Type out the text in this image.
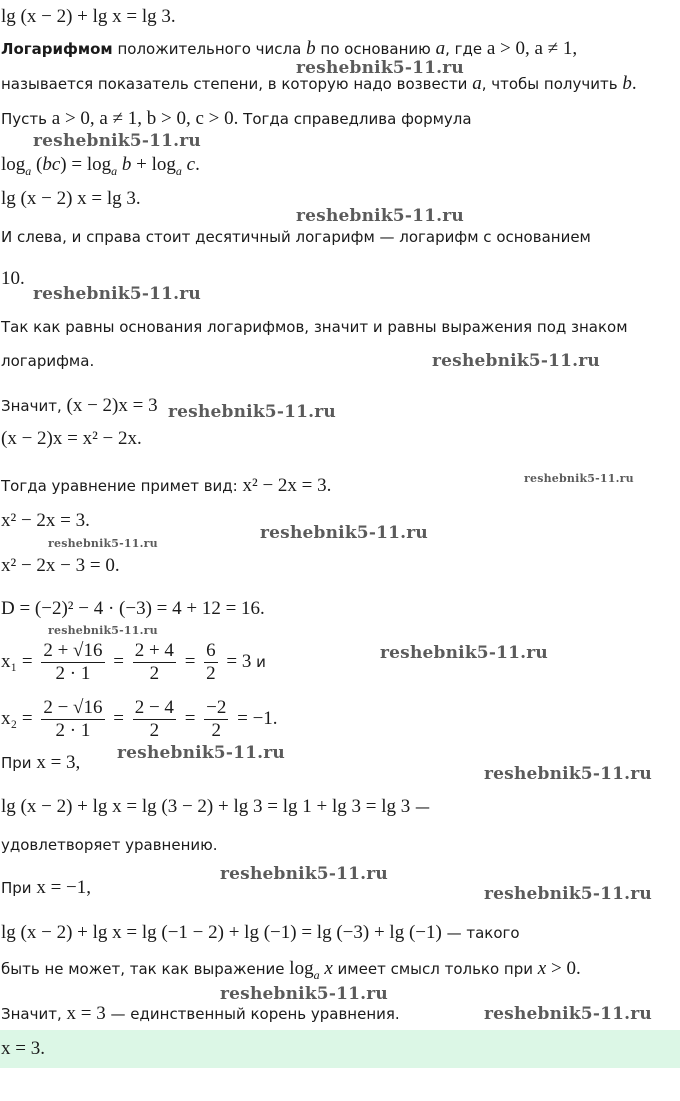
lg (x − 2) + lg x = lg 3.
Логарифмом положительного числа b по основанию a, где a > 0, a ≠ 1,
называется показатель степени, в которую надо возвести a, чтобы получить b.
Пусть a > 0, a ≠ 1, b > 0, c > 0. Тогда справедлива формула
$\log_a (bc) = \log_a b + \log_a c$.
lg (x − 2) x = lg 3.
И слева, и справа стоит десятичный логарифм — логарифм с основанием
10.
Так как равны основания логарифмов, значит и равны выражения под знаком
логарифма.
Значит, (x − 2)x = 3
(x − 2)x = x² − 2x.
Тогда уравнение примет вид: x² − 2x = 3.
x² − 2x = 3.
x² − 2x − 3 = 0.
D = (−2)² − 4 · (−3) = 4 + 12 = 16.
$x_1 = \frac{2 + √16}{2 \cdot 1} = \frac{2 + 4}{2} = \frac{6}{2} = 3$ и
$x_2 = \frac{2 - √16}{2 \cdot 1} = \frac{2 - 4}{2} = \frac{-2}{2} = -1$.
При x = 3,
lg (x − 2) + lg x = lg (3 − 2) + lg 3 = lg 1 + lg 3 = lg 3 —
удовлетворяет уравнению.
При x = −1,
lg (x − 2) + lg x = lg (−1 − 2) + lg (−1) = lg (−3) + lg (−1) — такого
быть не может, так как выражение $\log_a x$ имеет смысл только при x > 0.
Значит, x = 3 — единственный корень уравнения.
x = 3.
reshebnik5-11.ru
reshebnik5-11.ru
reshebnik5-11.ru
reshebnik5-11.ru
reshebnik5-11.ru
reshebnik5-11.ru
reshebnik5-11.ru
reshebnik5-11.ru
reshebnik5-11.ru
reshebnik5-11.ru
reshebnik5-11.ru
reshebnik5-11.ru
reshebnik5-11.ru
reshebnik5-11.ru
reshebnik5-11.ru
reshebnik5-11.ru
reshebnik5-11.ru
